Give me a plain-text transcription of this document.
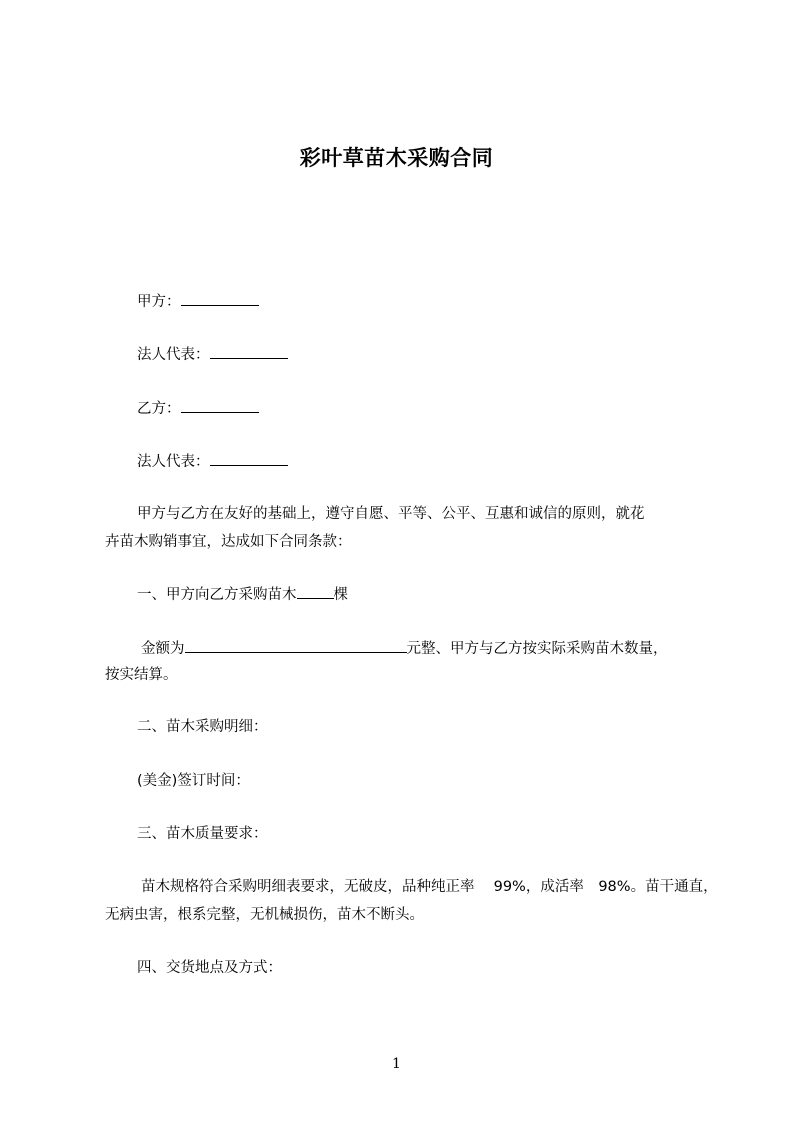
彩叶草苗木采购合同
甲方：
法人代表：
乙方：
法人代表：
甲方与乙方在友好的基础上，遵守自愿、平等、公平、互惠和诚信的原则，就花
卉苗木购销事宜，达成如下合同条款：
一、甲方向乙方采购苗木	棵
金额为	元整、甲方与乙方按实际采购苗木数量，
按实结算。
二、苗木采购明细：
(美金)签订时间：
三、苗木质量要求：
苗木规格符合采购明细表要求，无破皮，品种纯正率　 99%，成活率　98%。苗干通直，
无病虫害，根系完整，无机械损伤，苗木不断头。
四、交货地点及方式：
1
